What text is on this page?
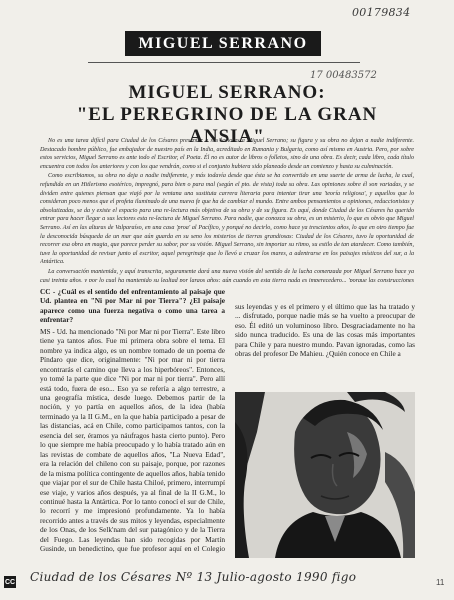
00179834
17 00483572
MIGUEL SERRANO
MIGUEL SERRANO:
"EL PEREGRINO DE LA GRAN ANSIA"

No es una tarea difícil para Ciudad de los Césares presentar a sus lectores a Miguel Serrano; su figura y su obra no dejan a nadie indiferente. Destacado hombre público, fue embajador de nuestro país en la India, acreditado en Rumania y Bulgaria, como así mismo en Austria. Pero, por sobre estos servicios, Miguel Serrano es ante todo el Escritor, el Poeta. Él no es autor de libros o folletos, sino de una obra. Es decir, cada libro, cada título encuentra con todos los anteriores y con los que vendrán, como si el conjunto hubiera sido planeado desde un comienzo y hasta su culminación.

Como escribiamos, su obra no deja a nadie indiferente, y más todavía desde que ésta se ha convertido en una suerte de arma de lucha, la cual, refundida en un Hitlerismo esotérico, impregnó, para bien o para mal (según el pto. de vista) toda su obra. Las opiniones sobre él son variadas, y se dividen entre quienes piensan que viajó por la ventana una sustituta carrera literaria para intentar tirar una 'teoría religiosa', y aquellos que lo consideran poco menos que el profeta iluminado de una nueva fe que ha de cambiar el mundo. Entre ambos pensamientos a opiniones, reduccionistas y absolutizadas, se da y existe el espacio para una re-lectura más objetiva de su obra y de su figura. Es aquí, donde Ciudad de los Césares ha querido entrar para hacer llegar a sus lectores esta re-lectura de Miguel Serrano. Para nadie, que conozca su obra, es un misterio, lo que es obvio que Miguel Serrano. Así en las alturas de Valparaíso, en una casa 'proa' al Pacífico, y porqué no decirlo, como hace ya trescientos años, lo que en otro tiempo fue la desconocida búsqueda de un mar que aún guarda en su seno los misterios de tierras grandiosas: Ciudad de los Césares, tuvo la oportunidad de recorrer esa obra en magia, que parece perder su sabor, por su visión. Miguel Serrano, sin importar su ritmo, su estilo de tan atardecer. Como también, tuve la oportunidad de revisar junto al escritor, aquel peregrinaje que lo llevó a cruzar los mares, a adentrarse en los paisajes místicos del sur, a la Antártica.

La conversación mantenida, y aquí transcrita, seguramente dará una nueva visión del sentido de la lucha comenzada por Miguel Serrano hace ya casi treinta años, y por lo cual ha mantenido su lealtad por largos años; aún cuando en esta tierra nada es imperecedero... 'porque las construcciones

CC - ¿Cuál es el sentido del enfrentamiento al paisaje que Ud. plantea en "Ni por Mar ni por Tierra"? ¿El paisaje aparece como una fuerza negativa o como una tarea a enfrentar?

MS - Ud. ha mencionado "Ni por Mar ni por Tierra". Este libro tiene ya tantos años. Fue mi primera obra sobre el tema. El nombre ya indica algo, es un nombre tomado de un poema de Píndaro que dice, originalmente: "Ni por mar ni por tierra encontrarás el camino que lleva a los hiperbóreos". Entonces, yo tomé la parte que dice "Ni por mar ni por tierra". Pero allí está todo, fuera de eso... Eso ya se refería a algo terrestre, a una geografía mística, desde luego. Debemos partir de la noción, y yo partía en aquellos años, de la idea (había terminado ya la II G.M., en la que había participado a pesar de las distancias, acá en Chile, como participamos tantos, con la esencia del ser, éramos ya náufragos hasta cierto punto). Pero lo que siempre me había preocupado y lo había tratado aún en las revistas de combate de aquellos años, "La Nueva Edad", era la relación del chileno con su paisaje, porque, por razones de la misma política contingente de aquellos años, había tenido que viajar por el sur de Chile hasta Chiloé, primero, interrumpí ese viaje, y varios años después, ya al final de la II G.M., lo continué hasta la Antártica. Por lo tanto conocí el sur de Chile, lo recorrí y me impresionó profundamente. Ya lo había recorrido antes a través de sus mitos y leyendas, especialmente de los Onas, de los Selk'nam del sur patagónico y de la Tierra del Fuego. Las leyendas han sido recogidas por Martín Gusinde, un benedictino, que fue profesor aquí en el Colegio

sus leyendas y es el primero y el último que las ha tratado y ... disfrutado, porque nadie más se ha vuelto a preocupar de eso. Él editó un voluminoso libro. Desgraciadamente no ha sido nunca traducido. Es una de las cosas más importantes para Chile y para nuestro mundo. Pavan ignoradas, como las obras del profesor De Mahieu. ¿Quién conoce en Chile a

CC Ciudad de los Césares Nº 13 Julio-agosto 1990 figo	11
